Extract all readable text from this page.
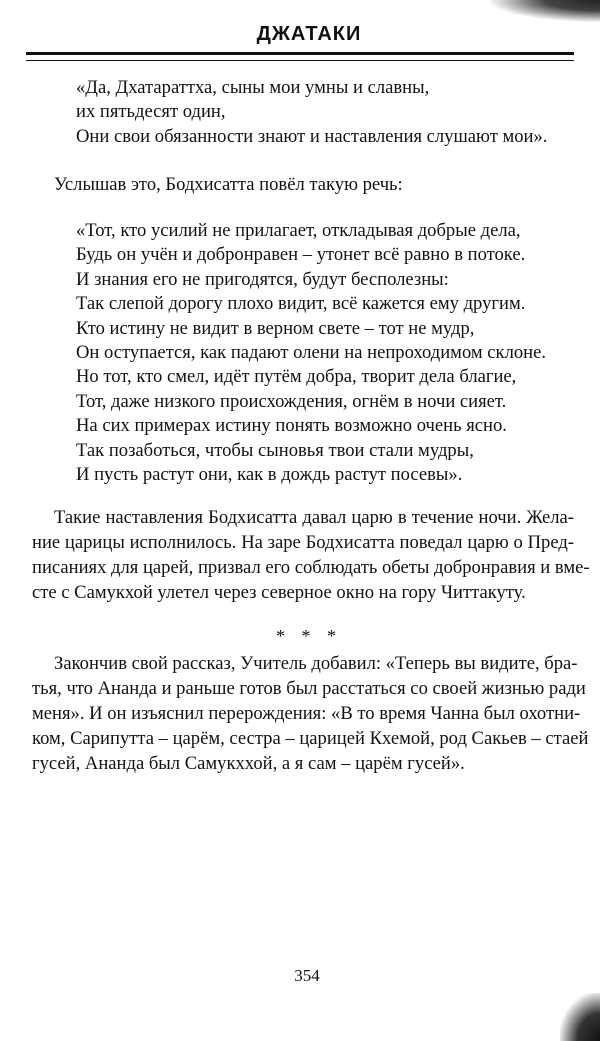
ДЖАТАКИ
«Да, Дхатараттха, сыны мои умны и славны,
их пятьдесят один,
Они свои обязанности знают и наставления слушают мои».
Услышав это, Бодхисатта повёл такую речь:
«Тот, кто усилий не прилагает, откладывая добрые дела,
Будь он учён и добронравен – утонет всё равно в потоке.
И знания его не пригодятся, будут бесполезны:
Так слепой дорогу плохо видит, всё кажется ему другим.
Кто истину не видит в верном свете – тот не мудр,
Он оступается, как падают олени на непроходимом склоне.
Но тот, кто смел, идёт путём добра, творит дела благие,
Тот, даже низкого происхождения, огнём в ночи сияет.
На сих примерах истину понять возможно очень ясно.
Так позаботься, чтобы сыновья твои стали мудры,
И пусть растут они, как в дождь растут посевы».
Такие наставления Бодхисатта давал царю в течение ночи. Жела-
ние царицы исполнилось. На заре Бодхисатта поведал царю о Пред-
писаниях для царей, призвал его соблюдать обеты добронравия и вме-
сте с Самукхой улетел через северное окно на гору Читтакуту.
* * *
Закончив свой рассказ, Учитель добавил: «Теперь вы видите, бра-
тья, что Ананда и раньше готов был расстаться со своей жизнью ради
меня». И он изъяснил перерождения: «В то время Чанна был охотни-
ком, Сарипутта – царём, сестра – царицей Кхемой, род Сакьев – стаей
гусей, Ананда был Самукххой, а я сам – царём гусей».
354
